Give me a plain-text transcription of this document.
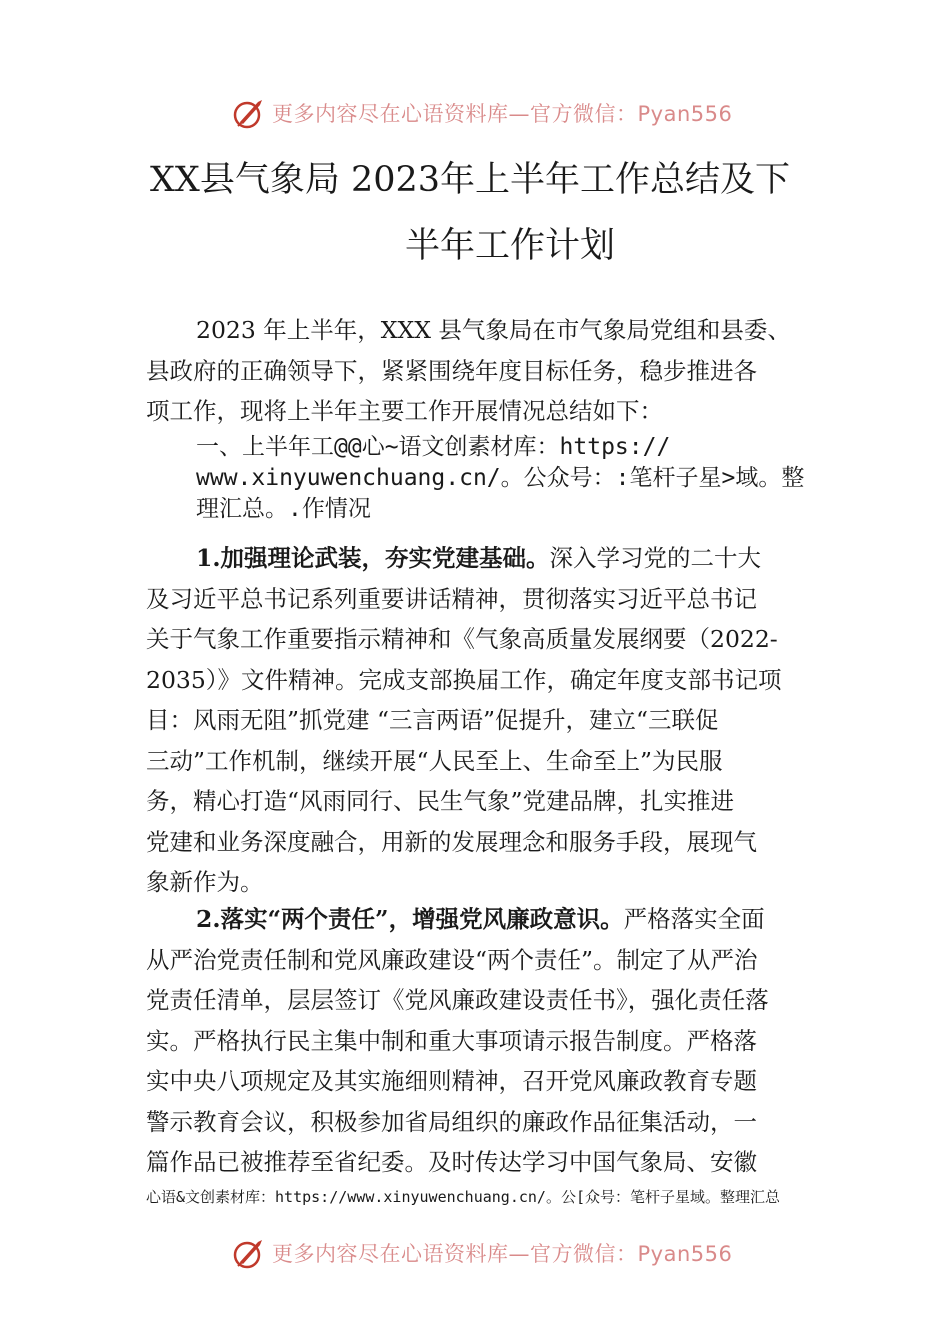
更多内容尽在心语资料库—官方微信：Pyan556
XX县气象局 2023年上半年工作总结及下
半年工作计划

2023 年上半年，XXX 县气象局在市气象局党组和县委、

县政府的正确领导下，紧紧围绕年度目标任务，稳步推进各

项工作，现将上半年主要工作开展情况总结如下：

一、上半年工@@心~语文创素材库：https://

www.xinyuwenchuang.cn/。公众号：:笔杆子星>域。整

理汇总。.作情况

1.加强理论武装，夯实党建基础。深入学习党的二十大

及习近平总书记系列重要讲话精神，贯彻落实习近平总书记

关于气象工作重要指示精神和《气象高质量发展纲要（2022-

2035）》文件精神。完成支部换届工作，确定年度支部书记项

目：风雨无阻”抓党建 “三言两语”促提升，建立“三联促

三动”工作机制，继续开展“人民至上、生命至上”为民服

务，精心打造“风雨同行、民生气象”党建品牌，扎实推进

党建和业务深度融合，用新的发展理念和服务手段，展现气

象新作为。

2.落实“两个责任”，增强党风廉政意识。严格落实全面

从严治党责任制和党风廉政建设“两个责任”。制定了从严治

党责任清单，层层签订《党风廉政建设责任书》，强化责任落

实。严格执行民主集中制和重大事项请示报告制度。严格落

实中央八项规定及其实施细则精神，召开党风廉政教育专题

警示教育会议，积极参加省局组织的廉政作品征集活动，一

篇作品已被推荐至省纪委。及时传达学习中国气象局、安徽

心语&文创素材库：https://www.xinyuwenchuang.cn/。公[众号：笔杆子星域。整理汇总
更多内容尽在心语资料库—官方微信：Pyan556
